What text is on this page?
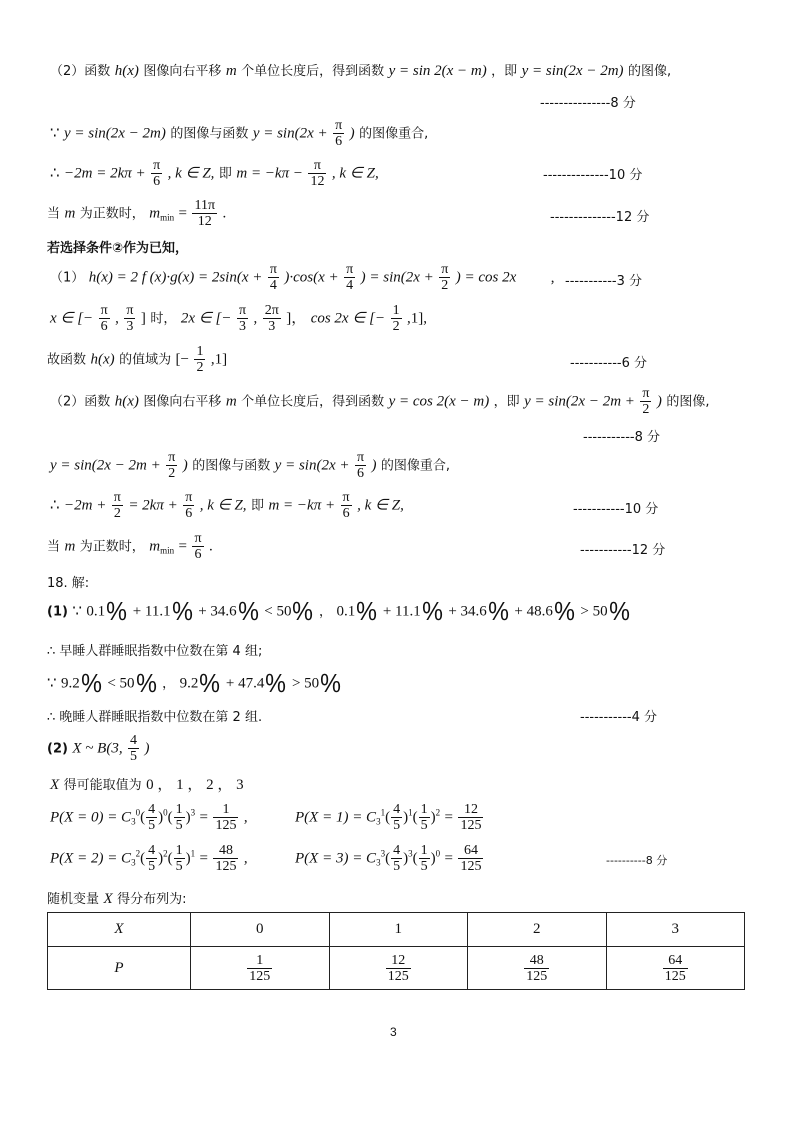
（2）函数 h(x) 图像向右平移 m 个单位长度后，得到函数 y = sin 2(x − m) ，即 y = sin(2x − 2m) 的图像,
---------------8 分
∵ y = sin(2x − 2m) 的图像与函数 $y = \sin(2x + \frac{\pi}{6}$ ) 的图像重合,
∴ $-2m = 2k\pi + \frac{\pi}{6}$ , k ∈ Z, 即 $m = -k\pi - \frac{\pi}{12}$ , k ∈ Z,	--------------10 分
当 m 为正数时， $m_{min} = \frac{11\pi}{12}$ .	--------------12 分
若选择条件②作为已知，
（1） h(x) = 2 f $(x)\cdot g(x) = 2\sin(x + \frac{\pi}{4} )\cdot\cos(x + \frac{\pi}{4}$ ) = $\sin(2x + \frac{\pi}{2}$ ) = cos 2x , -----------3 分
x ∈ [− $\frac{\pi}{6}$ , $\frac{\pi}{3}$ ] 时， 2x ∈ [− $\frac{\pi}{3}$ , $\frac{2\pi}{3}$ ]， cos 2x ∈ [− $\frac{1}{2} ,1$],
故函数 h(x) 的值域为 [− $\frac{1}{2} ,1$]	-----------6 分
（2）函数 h(x) 图像向右平移 m 个单位长度后，得到函数 y = cos 2(x − m) ，即 $y = \sin(2x - 2m + \frac{\pi}{2}$ ) 的图像,
-----------8 分
$y = \sin(2x - 2m + \frac{\pi}{2}$ ) 的图像与函数 $y = \sin(2x + \frac{\pi}{6}$ ) 的图像重合,
∴ $-2m + \frac{\pi}{2} = 2k\pi + \frac{\pi}{6}$ , k ∈ Z, 即 $m = -k\pi + \frac{\pi}{6}$ , k ∈ Z,	-----------10 分
当 m 为正数时， $m_{min} = \frac{\pi}{6}$ .	-----------12 分
18. 解:
(1) ∵ 0.1% + 11.1% + 34.6% < 50% ， 0.1% + 11.1% + 34.6% + 48.6% > 50%
∴ 早睡人群睡眠指数中位数在第 4 组;
∵ 9.2% < 50% ， 9.2% + 47.4% > 50%
∴ 晚睡人群睡眠指数中位数在第 2 组.	-----------4 分
(2) X ~ B(3, $\frac{4}{5}$ )
X 得可能取值为 0 ， 1 ， 2 ， 3
$P(X = 0) = C_3^0( \frac{4}{5} )^0( \frac{1}{5} )^3 = \frac{1}{125}$ ,	$P(X = 1) = C_3^1( \frac{4}{5} )^1( \frac{1}{5} )^2 = \frac{12}{125}$
$P(X = 2) = C_3^2( \frac{4}{5} )^2( \frac{1}{5} )^1 = \frac{48}{125}$ ,	$P(X = 3) = C_3^3( \frac{4}{5} )^3( \frac{1}{5} )^0 = \frac{64}{125}$	----------8 分
随机变量 X 得分布列为:
X	0	1	2	3
P	$\frac{1}{125}$	$\frac{12}{125}$	$\frac{48}{125}$	$\frac{64}{125}$
3
